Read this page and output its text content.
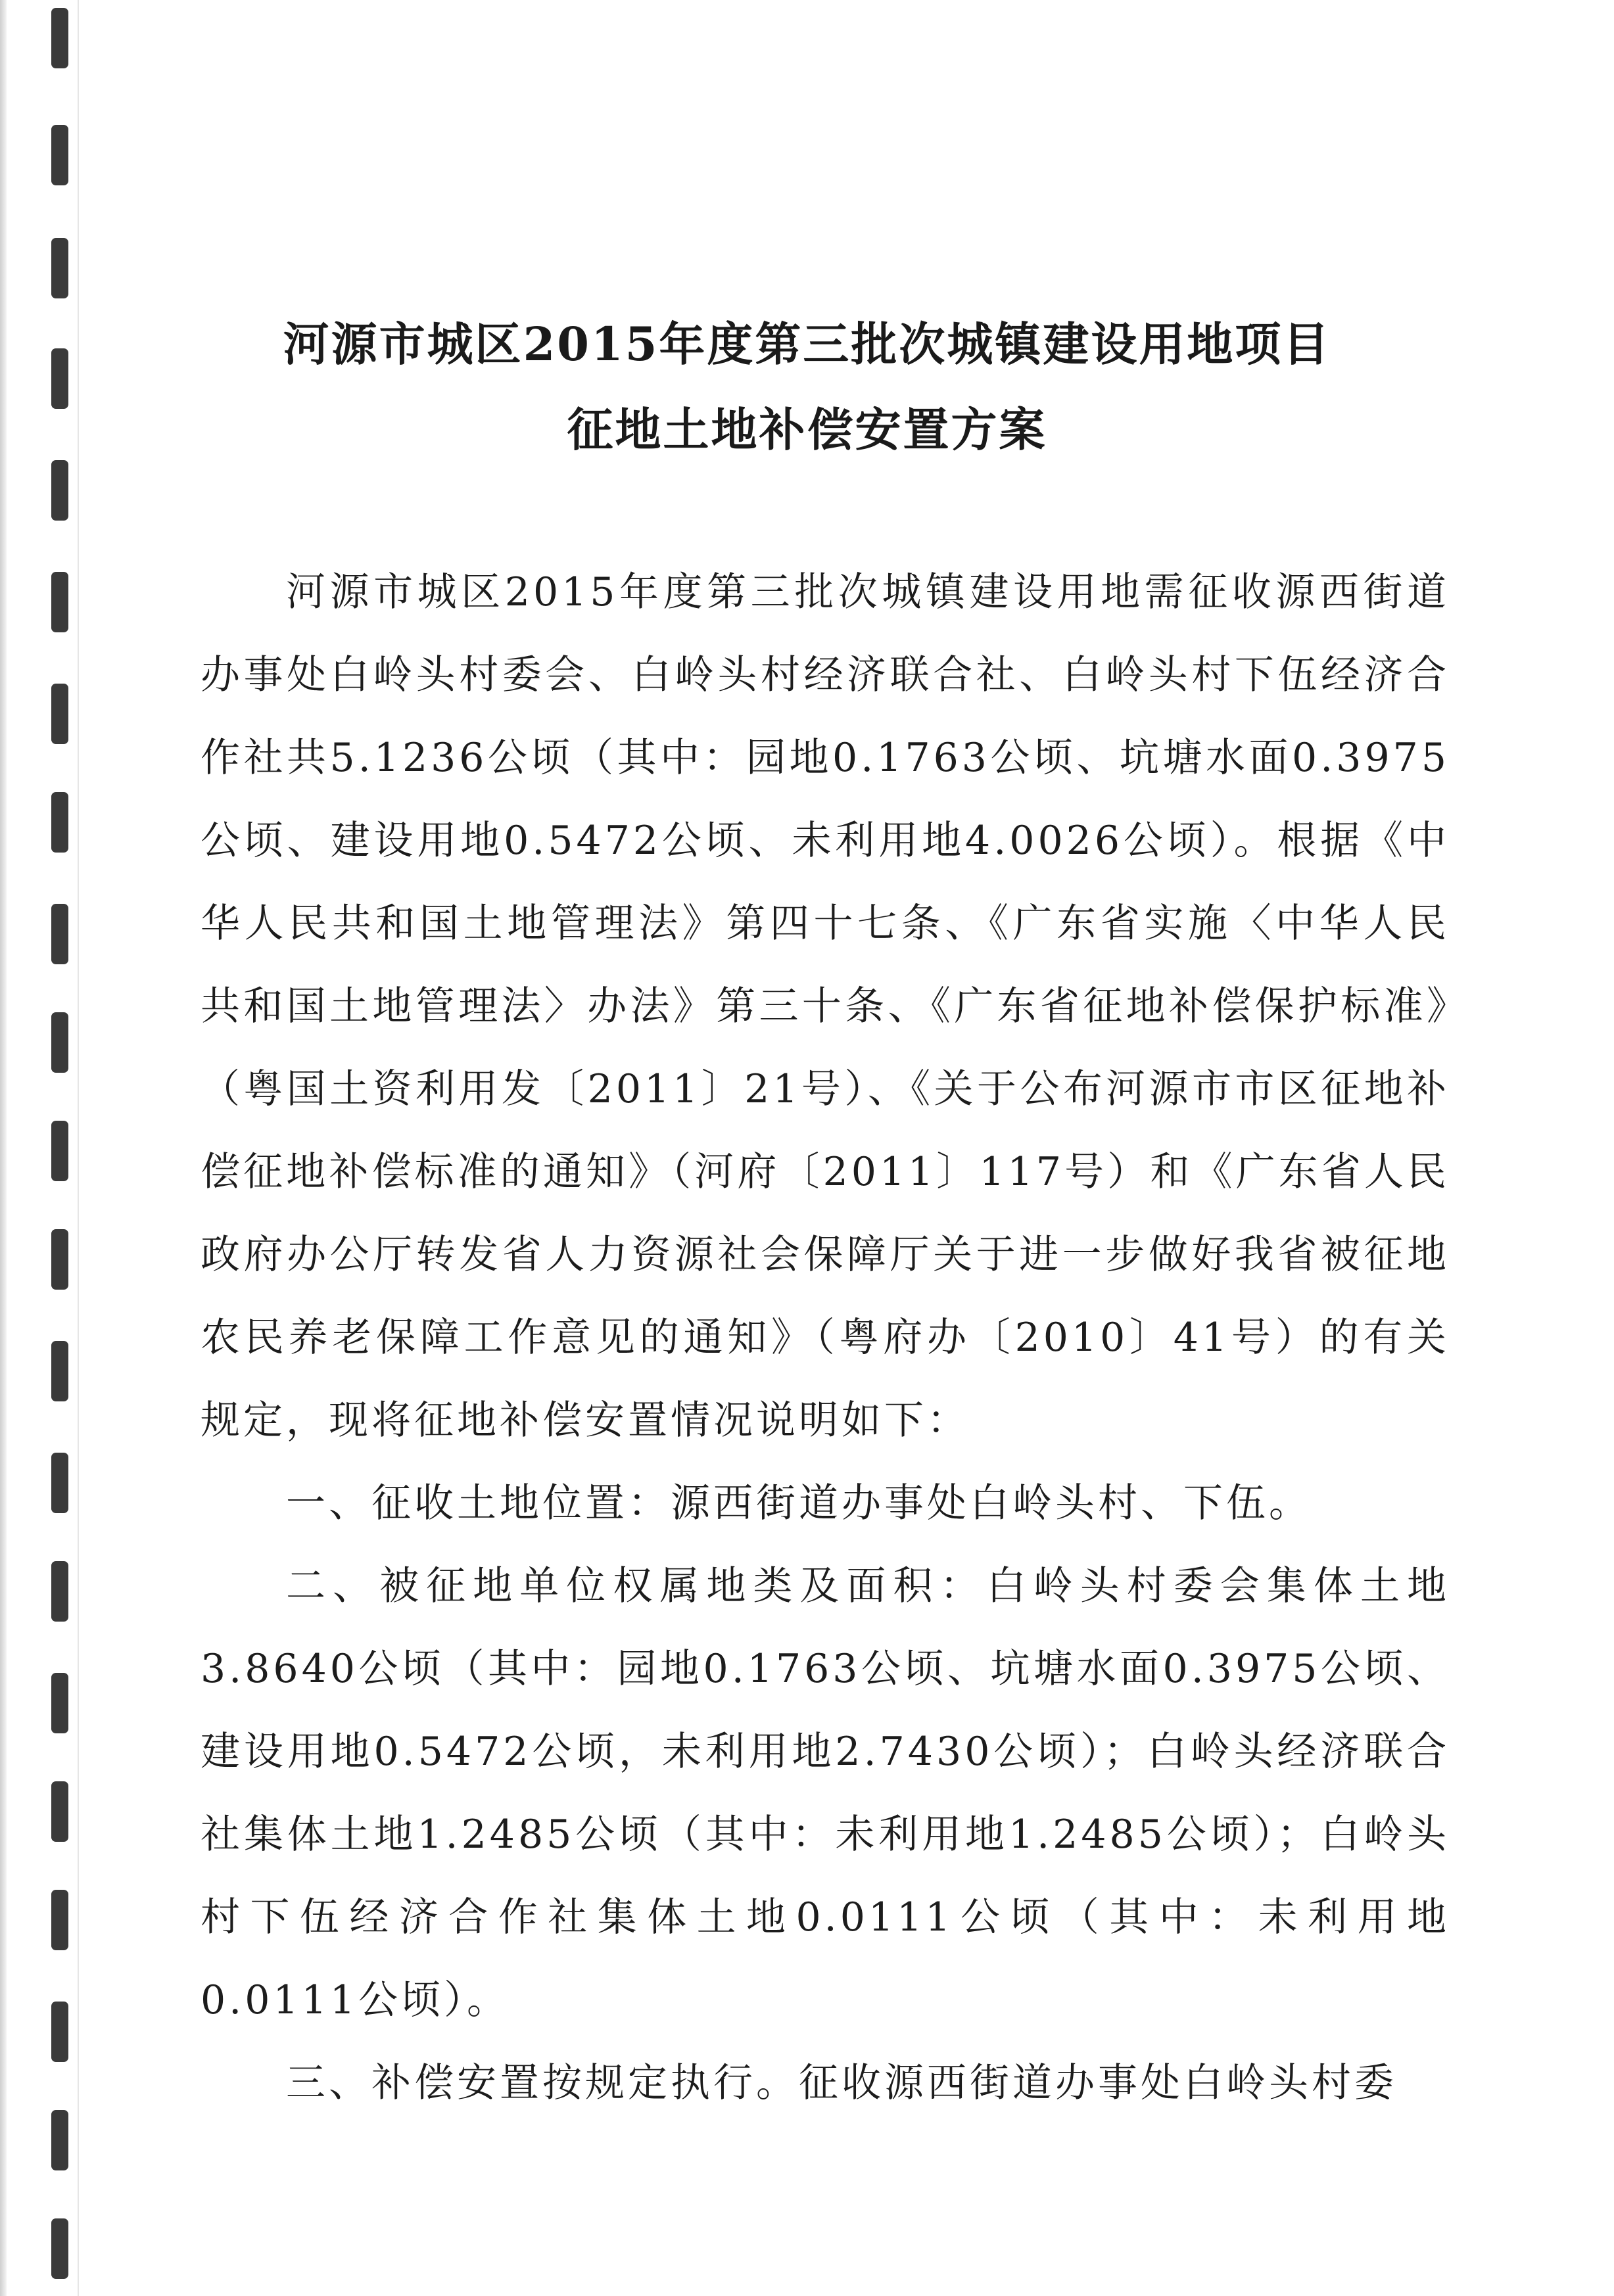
河源市城区2015年度第三批次城镇建设用地项目
征地土地补偿安置方案

河源市城区2015年度第三批次城镇建设用地需征收源西街道办事处白岭头村委会、白岭头村经济联合社、白岭头村下伍经济合作社共5.1236公顷（其中：园地0.1763公顷、坑塘水面0.3975公顷、建设用地0.5472公顷、未利用地4.0026公顷）。根据《中华人民共和国土地管理法》第四十七条、《广东省实施〈中华人民共和国土地管理法〉办法》第三十条、《广东省征地补偿保护标准》（粤国土资利用发〔2011〕21号）、《关于公布河源市市区征地补偿征地补偿标准的通知》（河府〔2011〕117号）和《广东省人民政府办公厅转发省人力资源社会保障厅关于进一步做好我省被征地农民养老保障工作意见的通知》（粤府办〔2010〕41号）的有关规定，现将征地补偿安置情况说明如下：

一、征收土地位置：源西街道办事处白岭头村、下伍。

二、被征地单位权属地类及面积：白岭头村委会集体土地3.8640公顷（其中：园地0.1763公顷、坑塘水面0.3975公顷、建设用地0.5472公顷，未利用地2.7430公顷）；白岭头经济联合社集体土地1.2485公顷（其中：未利用地1.2485公顷）；白岭头村下伍经济合作社集体土地0.0111公顷（其中：未利用地0.0111公顷）。

三、补偿安置按规定执行。征收源西街道办事处白岭头村委
